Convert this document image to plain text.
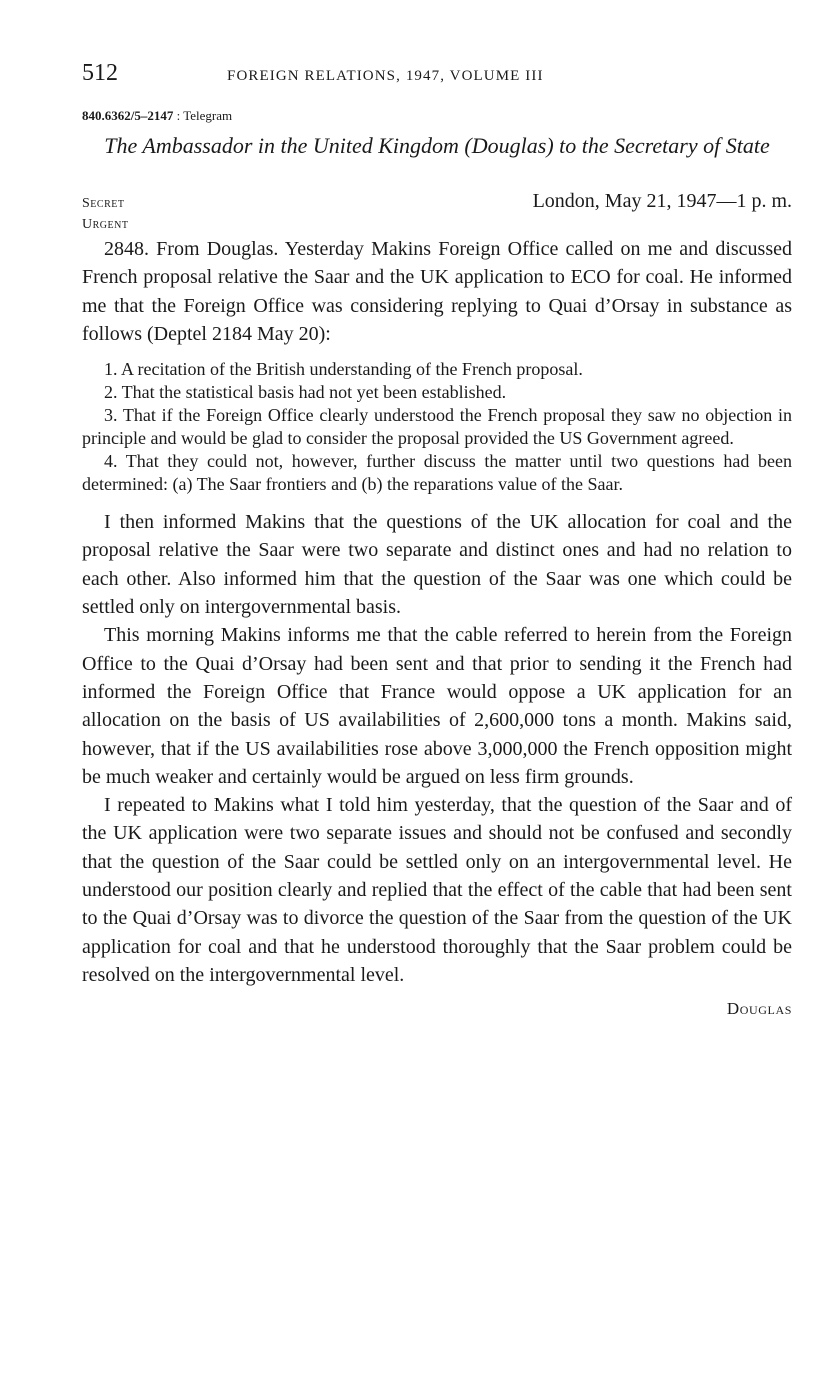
512	FOREIGN RELATIONS, 1947, VOLUME III
840.6362/5–2147 : Telegram
The Ambassador in the United Kingdom (Douglas) to the Secretary of State
Secret	London, May 21, 1947—1 p. m.
Urgent

2848. From Douglas. Yesterday Makins Foreign Office called on me and discussed French proposal relative the Saar and the UK application to ECO for coal. He informed me that the Foreign Office was considering replying to Quai d’Orsay in substance as follows (Deptel 2184 May 20):

1. A recitation of the British understanding of the French proposal.

2. That the statistical basis had not yet been established.

3. That if the Foreign Office clearly understood the French proposal they saw no objection in principle and would be glad to consider the proposal provided the US Government agreed.

4. That they could not, however, further discuss the matter until two questions had been determined: (a) The Saar frontiers and (b) the reparations value of the Saar.

I then informed Makins that the questions of the UK allocation for coal and the proposal relative the Saar were two separate and distinct ones and had no relation to each other. Also informed him that the question of the Saar was one which could be settled only on intergovernmental basis.

This morning Makins informs me that the cable referred to herein from the Foreign Office to the Quai d’Orsay had been sent and that prior to sending it the French had informed the Foreign Office that France would oppose a UK application for an allocation on the basis of US availabilities of 2,600,000 tons a month. Makins said, however, that if the US availabilities rose above 3,000,000 the French opposition might be much weaker and certainly would be argued on less firm grounds.

I repeated to Makins what I told him yesterday, that the question of the Saar and of the UK application were two separate issues and should not be confused and secondly that the question of the Saar could be settled only on an intergovernmental level. He understood our position clearly and replied that the effect of the cable that had been sent to the Quai d’Orsay was to divorce the question of the Saar from the question of the UK application for coal and that he understood thoroughly that the Saar problem could be resolved on the intergovernmental level.

Douglas
